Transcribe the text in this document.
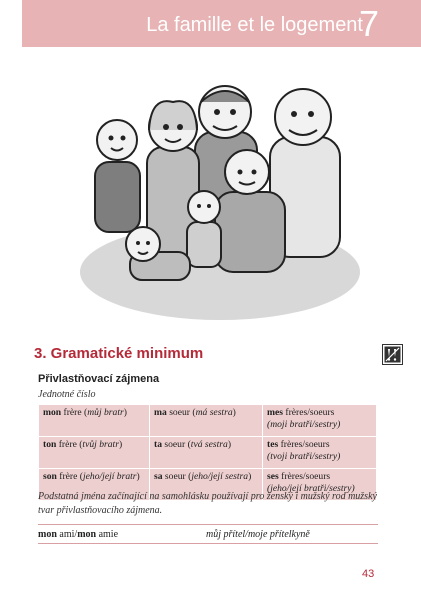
La famille et le logement
7
3. Gramatické minimum
Přivlastňovací zájmena
Jednotné číslo
mon frère (můj bratr)	ma soeur (má sestra)	mes frères/soeurs
(moji bratři/sestry)
ton frère (tvůj bratr)	ta soeur (tvá sestra)	tes frères/soeurs
(tvoji bratři/sestry)
son frère (jeho/její bratr)	sa soeur (jeho/její sestra)	ses frères/soeurs
(jeho/její bratři/sestry)
Podstatná jména začínající na samohlásku používají pro ženský i mužský rod mužský tvar přivlastňovacího zájmena.
mon ami/mon amie	můj přítel/moje přítelkyně
43
